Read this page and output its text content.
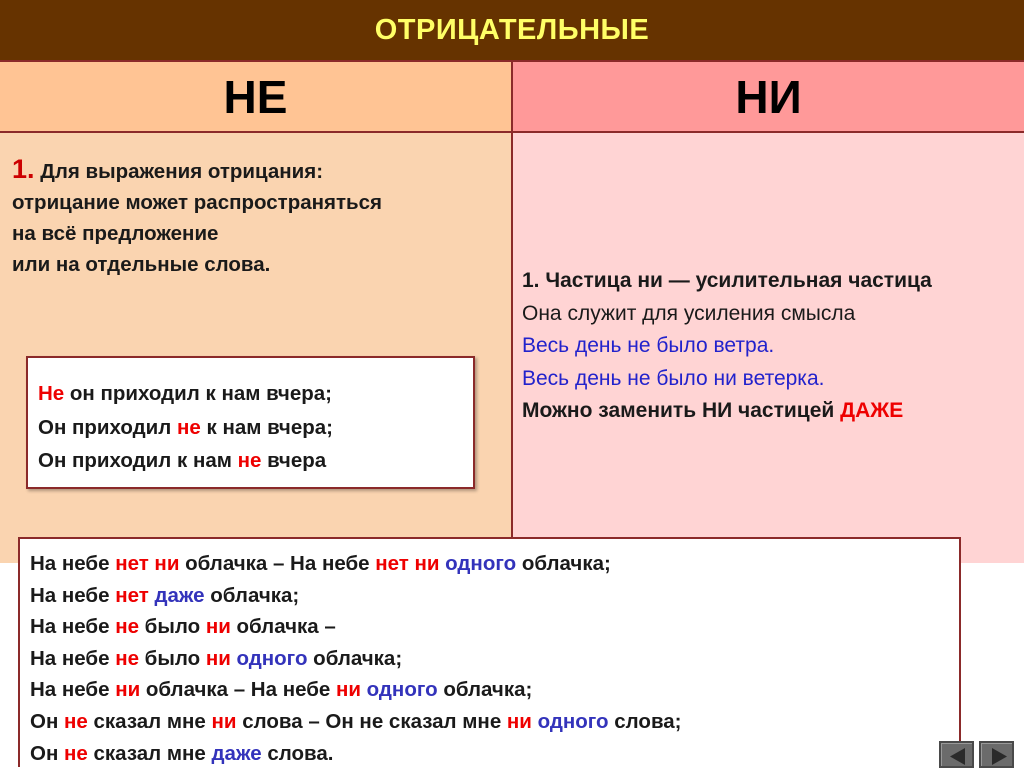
ОТРИЦАТЕЛЬНЫЕ
НЕ	НИ
1. Для выражения отрицания:
отрицание может распространяться
на всё предложение
или на отдельные слова.
Не он приходил к нам вчера;
Он приходил не к нам вчера;
Он приходил к нам не вчера
1. Частица ни — усилительная частица
Она служит для усиления смысла
Весь день не было ветра.
Весь день не было ни ветерка.
Можно заменить НИ частицей ДАЖЕ
На небе нет ни облачка – На небе нет ни одного облачка;
На небе нет даже облачка;
На небе не было ни облачка –
На небе не было ни одного облачка;
На небе ни облачка – На небе ни одного облачка;
Он не сказал мне ни слова – Он не сказал мне ни одного слова;
Он не сказал мне даже слова.
